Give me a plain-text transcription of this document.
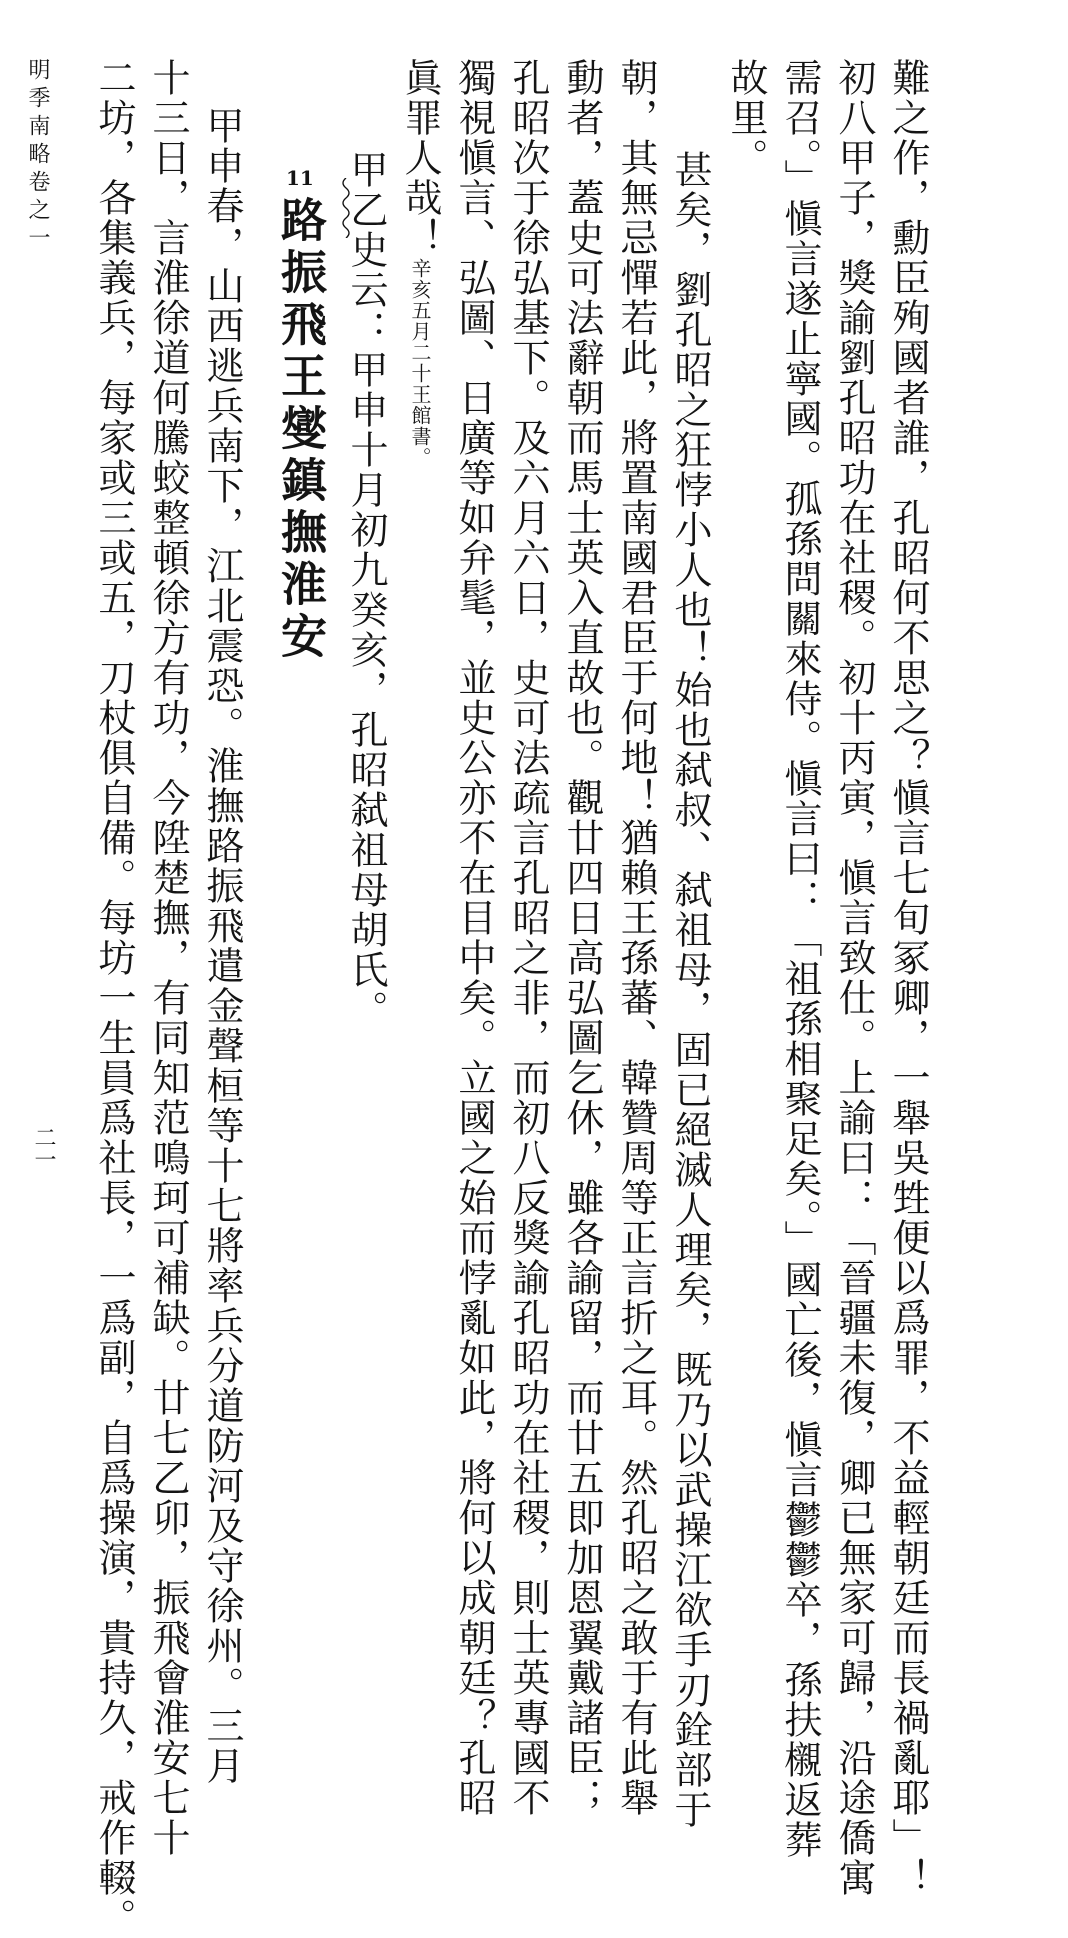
難之作，勳臣殉國者誰，孔昭何不思之？愼言七旬冢卿，一舉吳甡便以爲罪，不益輕朝廷而長禍亂耶」！

初八甲子，獎諭劉孔昭功在社稷。初十丙寅，愼言致仕。上諭曰：「晉疆未復，卿已無家可歸，沿途僑寓

需召。」愼言遂止寧國。孤孫問關來侍。愼言曰：「祖孫相聚足矣。」國亡後，愼言鬱鬱卒，孫扶櫬返葬

故里。

甚矣，劉孔昭之狂悖小人也！始也弑叔、弑祖母，固已絕滅人理矣，既乃以武操江欲手刃銓部于

朝，其無忌憚若此，將置南國君臣于何地！猶賴王孫蕃、韓贊周等正言折之耳。然孔昭之敢于有此舉

動者，蓋史可法辭朝而馬士英入直故也。觀廿四日高弘圖乞休，雖各諭留，而廿五即加恩翼戴諸臣；

孔昭次于徐弘基下。及六月六日，史可法疏言孔昭之非，而初八反獎諭孔昭功在社稷，則士英專國不

獨視愼言、弘圖、日廣等如弁髦，並史公亦不在目中矣。立國之始而悖亂如此，將何以成朝廷？孔昭

眞罪人哉！辛亥五月二十王館書。

甲乙史云：甲申十月初九癸亥，孔昭弑祖母胡氏。

11

路振飛王燮鎮撫淮安

甲申春，山西逃兵南下，江北震恐。淮撫路振飛遣金聲桓等十七將率兵分道防河及守徐州。三月

十三日，言淮徐道何騰蛟整頓徐方有功，今陞楚撫，有同知范鳴珂可補缺。廿七乙卯，振飛會淮安七十

二坊，各集義兵，每家或三或五，刀杖俱自備。每坊一生員爲社長，一爲副，自爲操演，貴持久，戒作輟。

明季南略卷之一

二一
